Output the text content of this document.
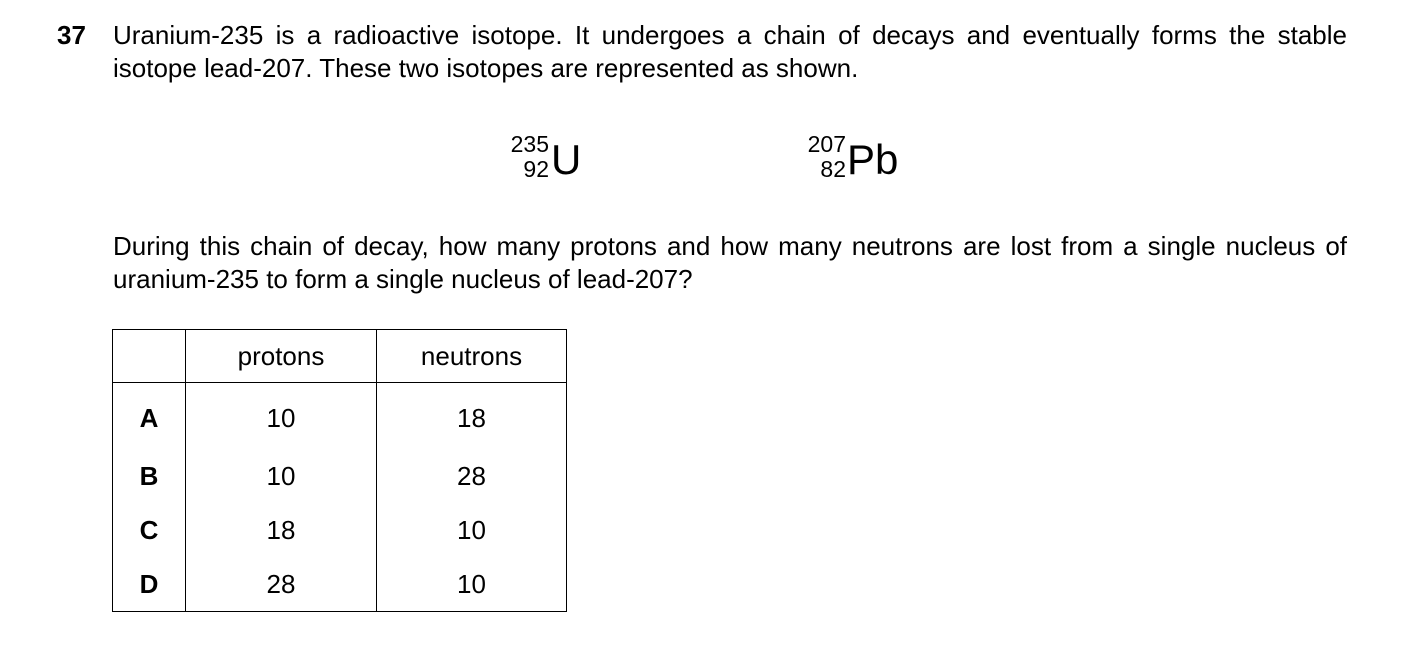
37 Uranium-235 is a radioactive isotope. It undergoes a chain of decays and eventually forms the stable isotope lead-207. These two isotopes are represented as shown.
235
92 U	207
82 Pb
During this chain of decay, how many protons and how many neutrons are lost from a single nucleus of uranium-235 to form a single nucleus of lead-207?
	protons	neutrons
A	10	18
B	10	28
C	18	10
D	28	10
